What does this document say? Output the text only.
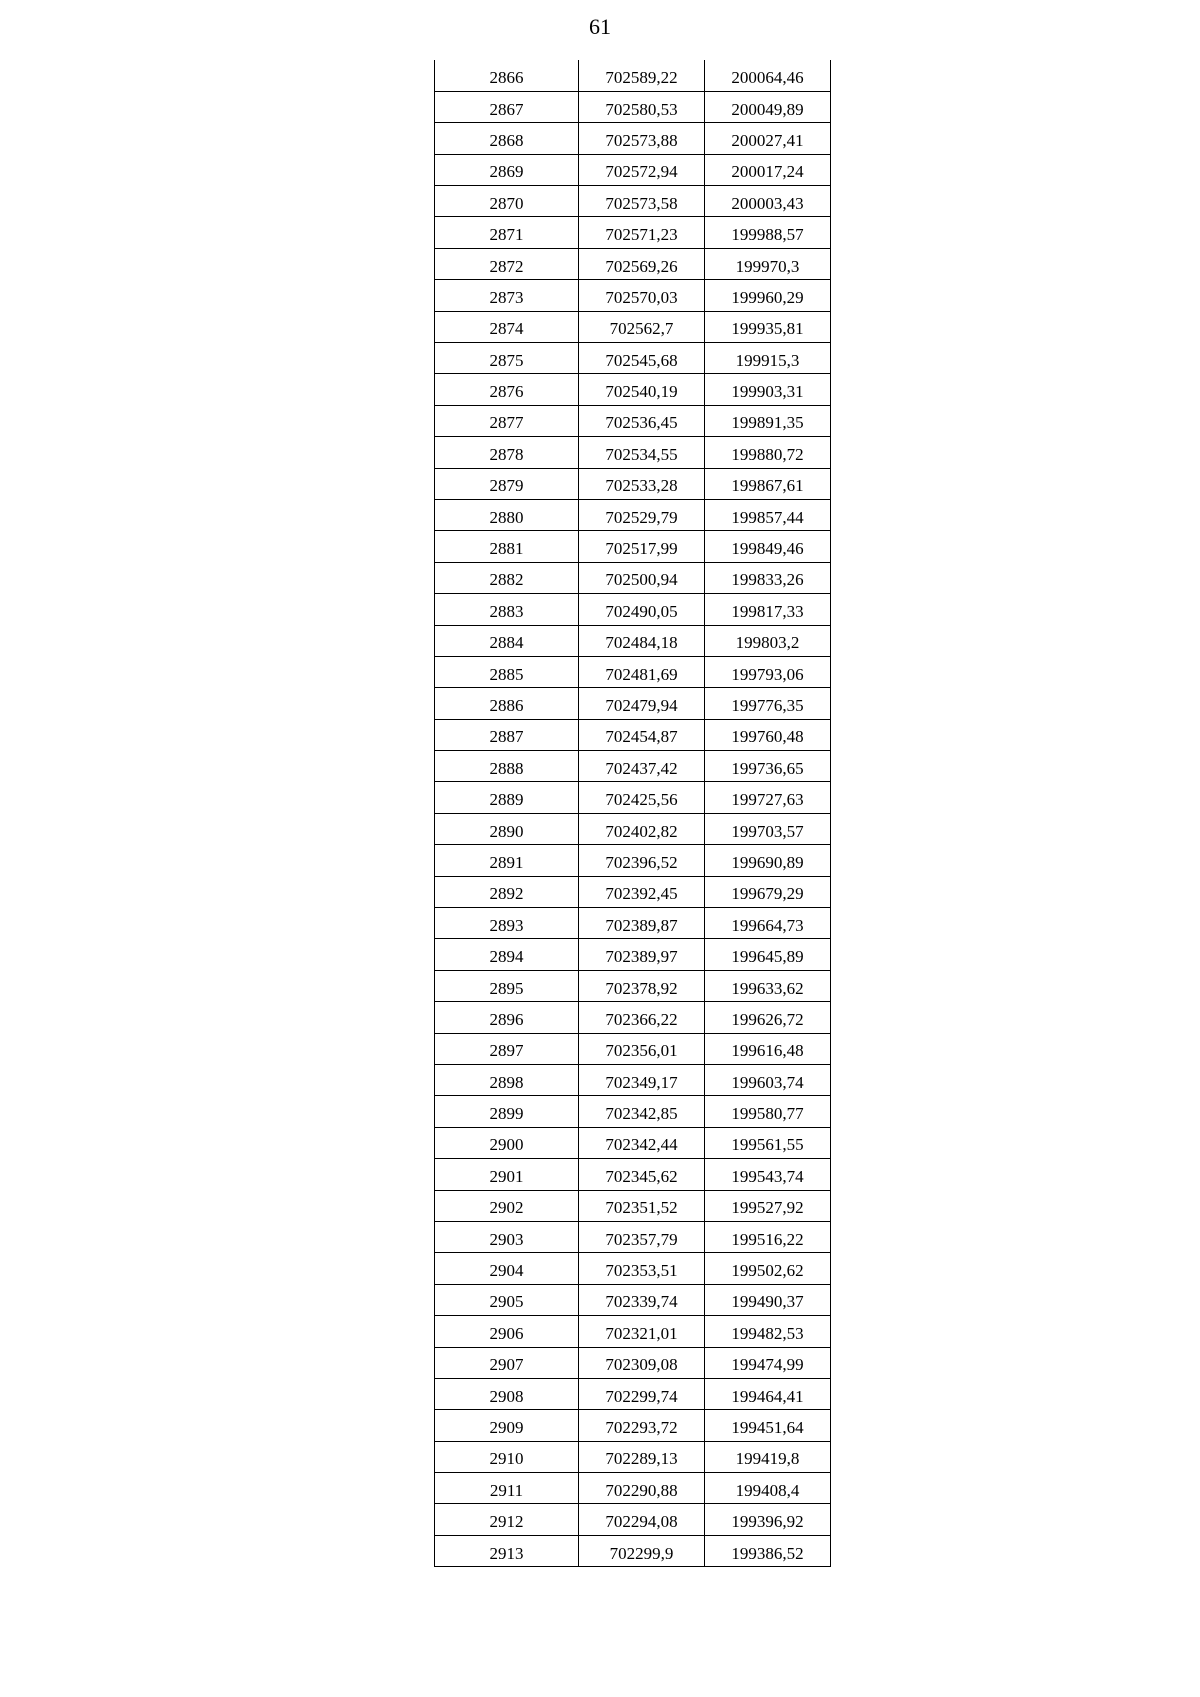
61
2866	702589,22	200064,46
2867	702580,53	200049,89
2868	702573,88	200027,41
2869	702572,94	200017,24
2870	702573,58	200003,43
2871	702571,23	199988,57
2872	702569,26	199970,3
2873	702570,03	199960,29
2874	702562,7	199935,81
2875	702545,68	199915,3
2876	702540,19	199903,31
2877	702536,45	199891,35
2878	702534,55	199880,72
2879	702533,28	199867,61
2880	702529,79	199857,44
2881	702517,99	199849,46
2882	702500,94	199833,26
2883	702490,05	199817,33
2884	702484,18	199803,2
2885	702481,69	199793,06
2886	702479,94	199776,35
2887	702454,87	199760,48
2888	702437,42	199736,65
2889	702425,56	199727,63
2890	702402,82	199703,57
2891	702396,52	199690,89
2892	702392,45	199679,29
2893	702389,87	199664,73
2894	702389,97	199645,89
2895	702378,92	199633,62
2896	702366,22	199626,72
2897	702356,01	199616,48
2898	702349,17	199603,74
2899	702342,85	199580,77
2900	702342,44	199561,55
2901	702345,62	199543,74
2902	702351,52	199527,92
2903	702357,79	199516,22
2904	702353,51	199502,62
2905	702339,74	199490,37
2906	702321,01	199482,53
2907	702309,08	199474,99
2908	702299,74	199464,41
2909	702293,72	199451,64
2910	702289,13	199419,8
2911	702290,88	199408,4
2912	702294,08	199396,92
2913	702299,9	199386,52
